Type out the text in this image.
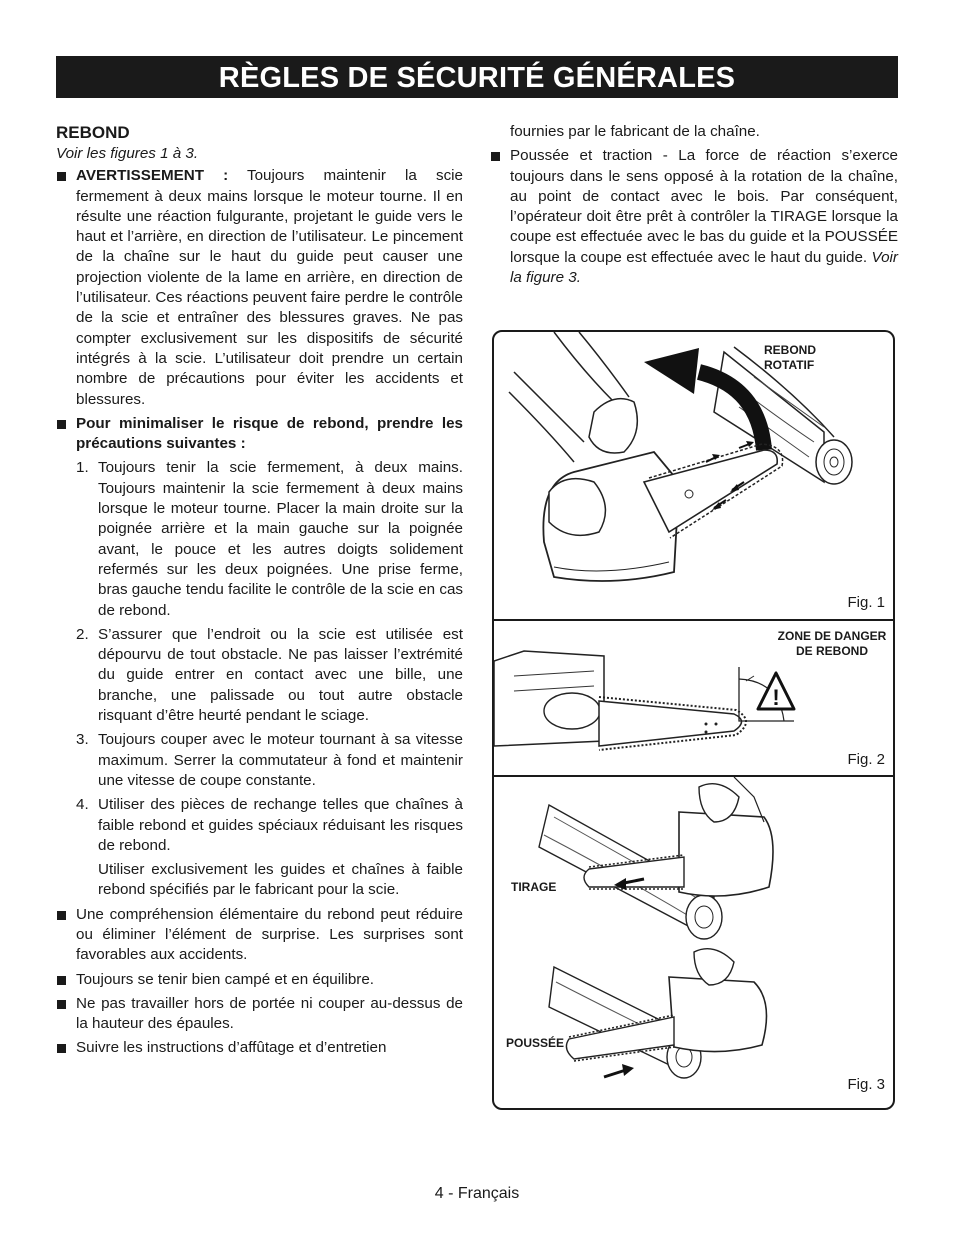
RÈGLES DE SÉCURITÉ GÉNÉRALES

REBOND

Voir les figures 1 à 3.

AVERTISSEMENT : Toujours maintenir la scie fermement à deux mains lorsque le moteur tourne. Il en résulte une réaction fulgurante, projetant le guide vers le haut et l’arrière, en direction de l’utilisateur. Le pincement de la chaîne sur le haut du guide peut causer une projection violente de la lame en arrière, en direction de l’utilisateur. Ces réactions peuvent faire perdre le contrôle de la scie et entraîner des blessures graves. Ne pas compter exclusivement sur les dispositifs de sécurité intégrés à la scie. L’utilisateur doit prendre un certain nombre de précautions pour éviter les accidents et blessures.

Pour minimaliser le risque de rebond, prendre les précautions suivantes :

1. Toujours tenir la scie fermement, à deux mains. Toujours maintenir la scie fermement à deux mains lorsque le moteur tourne. Placer la main droite sur la poignée arrière et la main gauche sur la poignée avant, le pouce et les autres doigts solidement refermés sur les deux poignées. Une prise ferme, bras gauche tendu facilite le contrôle de la scie en cas de rebond.

2. S’assurer que l’endroit ou la scie est utilisée est dépourvu de tout obstacle. Ne pas laisser l’extrémité du guide entrer en contact avec une bille, une branche, une palissade ou tout autre obstacle risquant d’être heurté pendant le sciage.

3. Toujours couper avec le moteur tournant à sa vitesse maximum. Serrer la commutateur à fond et maintenir une vitesse de coupe constante.

4. Utiliser des pièces de rechange telles que chaînes à faible rebond et guides spéciaux réduisant les risques de rebond.

Utiliser exclusivement les guides et chaînes à faible rebond spécifiés par le fabricant pour la scie.

Une compréhension élémentaire du rebond peut réduire ou éliminer l’élément de surprise. Les surprises sont favorables aux accidents.

Toujours se tenir bien campé et en équilibre.

Ne pas travailler hors de portée ni couper au-dessus de la hauteur des épaules.

Suivre les instructions d’affûtage et d’entretien

fournies par le fabricant de la chaîne.

Poussée et traction - La force de réaction s’exerce toujours dans le sens opposé à la rotation de la chaîne, au point de contact avec le bois. Par conséquent, l’opérateur doit être prêt à contrôler la TIRAGE lorsque la coupe est effectuée avec le bas du guide et la POUSSÉE lorsque la coupe est effectuée avec le haut du guide. Voir la figure 3.

REBOND
ROTATIF
Fig. 1
!
ZONE DE DANGER
DE REBOND
Fig. 2
TIRAGE
POUSSÉE
Fig. 3
4 - Français
